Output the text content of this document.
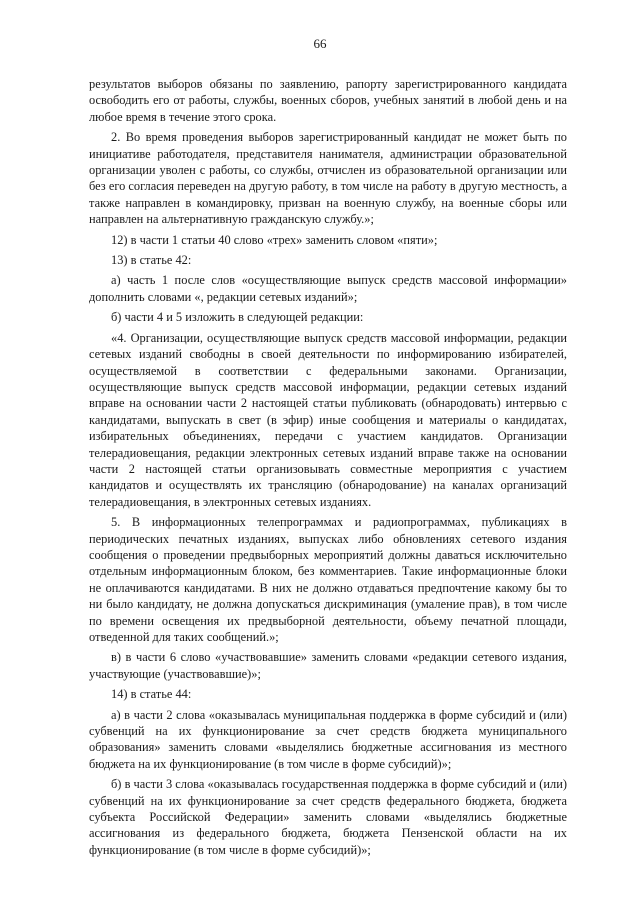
66

результатов выборов обязаны по заявлению, рапорту зарегистрированного кандидата освободить его от работы, службы, военных сборов, учебных занятий в любой день и на любое время в течение этого срока.

2. Во время проведения выборов зарегистрированный кандидат не может быть по инициативе работодателя, представителя нанимателя, администрации образовательной организации уволен с работы, со службы, отчислен из образовательной организации или без его согласия переведен на другую работу, в том числе на работу в другую местность, а также направлен в командировку, призван на военную службу, на военные сборы или направлен на альтернативную гражданскую службу.»;

12) в части 1 статьи 40 слово «трех» заменить словом «пяти»;

13) в статье 42:

а) часть 1 после слов «осуществляющие выпуск средств массовой информации» дополнить словами «, редакции сетевых изданий»;

б) части 4 и 5 изложить в следующей редакции:

«4. Организации, осуществляющие выпуск средств массовой информации, редакции сетевых изданий свободны в своей деятельности по информированию избирателей, осуществляемой в соответствии с федеральными законами. Организации, осуществляющие выпуск средств массовой информации, редакции сетевых изданий вправе на основании части 2 настоящей статьи публиковать (обнародовать) интервью с кандидатами, выпускать в свет (в эфир) иные сообщения и материалы о кандидатах, избирательных объединениях, передачи с участием кандидатов. Организации телерадиовещания, редакции электронных сетевых изданий вправе также на основании части 2 настоящей статьи организовывать совместные мероприятия с участием кандидатов и осуществлять их трансляцию (обнародование) на каналах организаций телерадиовещания, в электронных сетевых изданиях.

5. В информационных телепрограммах и радиопрограммах, публикациях в периодических печатных изданиях, выпусках либо обновлениях сетевого издания сообщения о проведении предвыборных мероприятий должны даваться исключительно отдельным информационным блоком, без комментариев. Такие информационные блоки не оплачиваются кандидатами. В них не должно отдаваться предпочтение какому бы то ни было кандидату, не должна допускаться дискриминация (умаление прав), в том числе по времени освещения их предвыборной деятельности, объему печатной площади, отведенной для таких сообщений.»;

в) в части 6 слово «участвовавшие» заменить словами «редакции сетевого издания, участвующие (участвовавшие)»;

14) в статье 44:

а) в части 2 слова «оказывалась муниципальная поддержка в форме субсидий и (или) субвенций на их функционирование за счет средств бюджета муниципального образования» заменить словами «выделялись бюджетные ассигнования из местного бюджета на их функционирование (в том числе в форме субсидий)»;

б) в части 3 слова «оказывалась государственная поддержка в форме субсидий и (или) субвенций на их функционирование за счет средств федерального бюджета, бюджета субъекта Российской Федерации» заменить словами «выделялись бюджетные ассигнования из федерального бюджета, бюджета Пензенской области на их функционирование (в том числе в форме субсидий)»;
